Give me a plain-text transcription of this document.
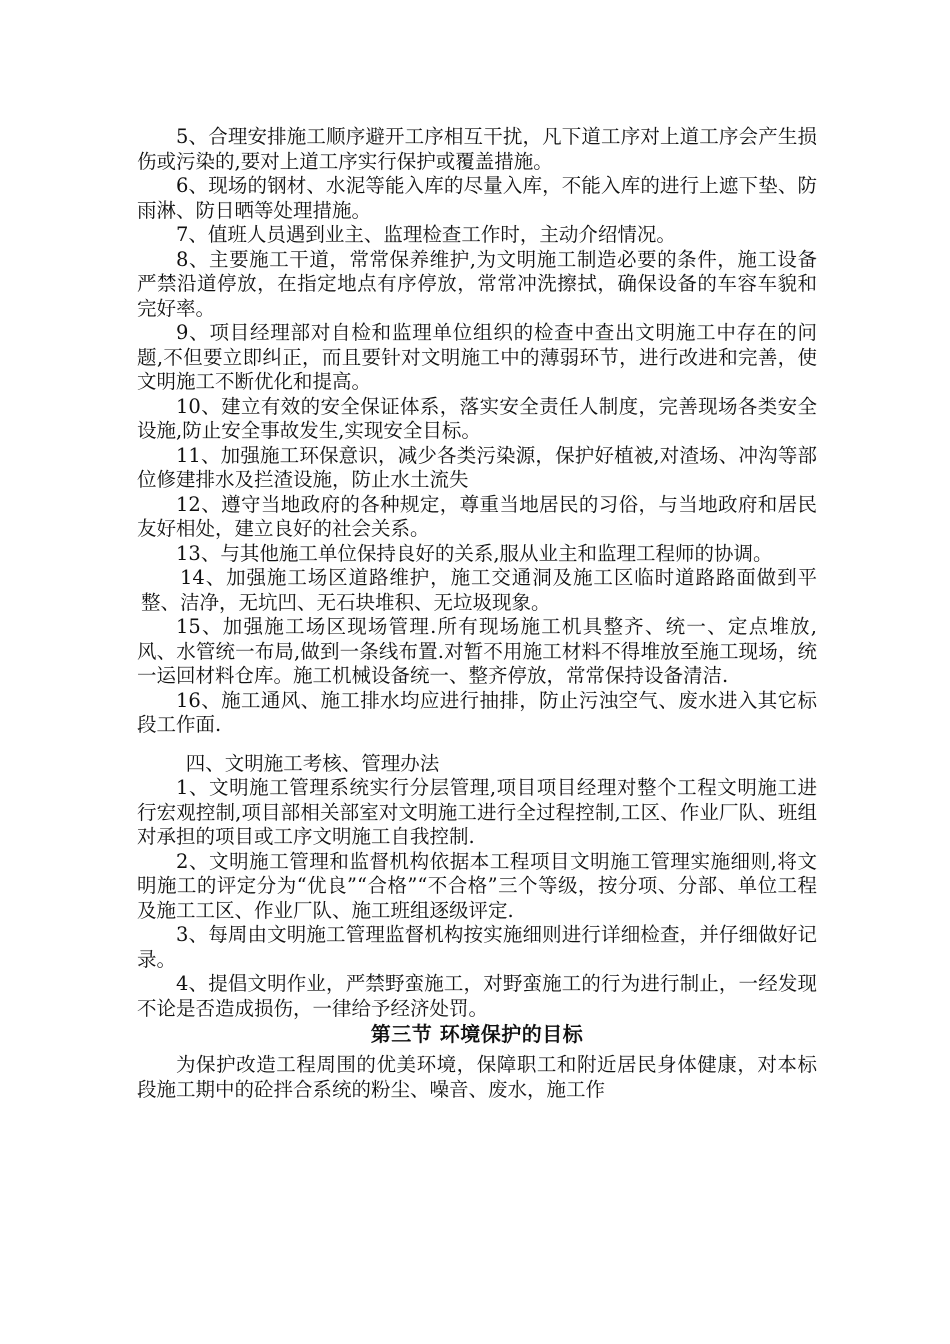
5、合理安排施工顺序避开工序相互干扰，凡下道工序对上道工序会产生损伤或污染的,要对上道工序实行保护或覆盖措施。

6、现场的钢材、水泥等能入库的尽量入库，不能入库的进行上遮下垫、防雨淋、防日晒等处理措施。

7、值班人员遇到业主、监理检查工作时，主动介绍情况。

8、主要施工干道，常常保养维护,为文明施工制造必要的条件，施工设备严禁沿道停放，在指定地点有序停放，常常冲洗擦拭，确保设备的车容车貌和完好率。

9、项目经理部对自检和监理单位组织的检查中查出文明施工中存在的问题,不但要立即纠正，而且要针对文明施工中的薄弱环节，进行改进和完善，使文明施工不断优化和提高。

10、建立有效的安全保证体系，落实安全责任人制度，完善现场各类安全设施,防止安全事故发生,实现安全目标。

11、加强施工环保意识，减少各类污染源，保护好植被,对渣场、冲沟等部位修建排水及拦渣设施，防止水土流失

12、遵守当地政府的各种规定，尊重当地居民的习俗，与当地政府和居民友好相处，建立良好的社会关系。

13、与其他施工单位保持良好的关系,服从业主和监理工程师的协调。

14、加强施工场区道路维护，施工交通洞及施工区临时道路路面做到平整、洁净，无坑凹、无石块堆积、无垃圾现象。

15、加强施工场区现场管理.所有现场施工机具整齐、统一、定点堆放,风、水管统一布局,做到一条线布置.对暂不用施工材料不得堆放至施工现场，统一运回材料仓库。施工机械设备统一、整齐停放，常常保持设备清洁.

16、施工通风、施工排水均应进行抽排，防止污浊空气、废水进入其它标段工作面.

四、文明施工考核、管理办法

1、文明施工管理系统实行分层管理,项目项目经理对整个工程文明施工进行宏观控制,项目部相关部室对文明施工进行全过程控制,工区、作业厂队、班组对承担的项目或工序文明施工自我控制.

2、文明施工管理和监督机构依据本工程项目文明施工管理实施细则,将文明施工的评定分为“优良”“合格”“不合格”三个等级，按分项、分部、单位工程及施工工区、作业厂队、施工班组逐级评定.

3、每周由文明施工管理监督机构按实施细则进行详细检查，并仔细做好记录。

4、提倡文明作业，严禁野蛮施工，对野蛮施工的行为进行制止，一经发现不论是否造成损伤，一律给予经济处罚。

第三节 环境保护的目标

为保护改造工程周围的优美环境，保障职工和附近居民身体健康，对本标段施工期中的砼拌合系统的粉尘、噪音、废水，施工作
